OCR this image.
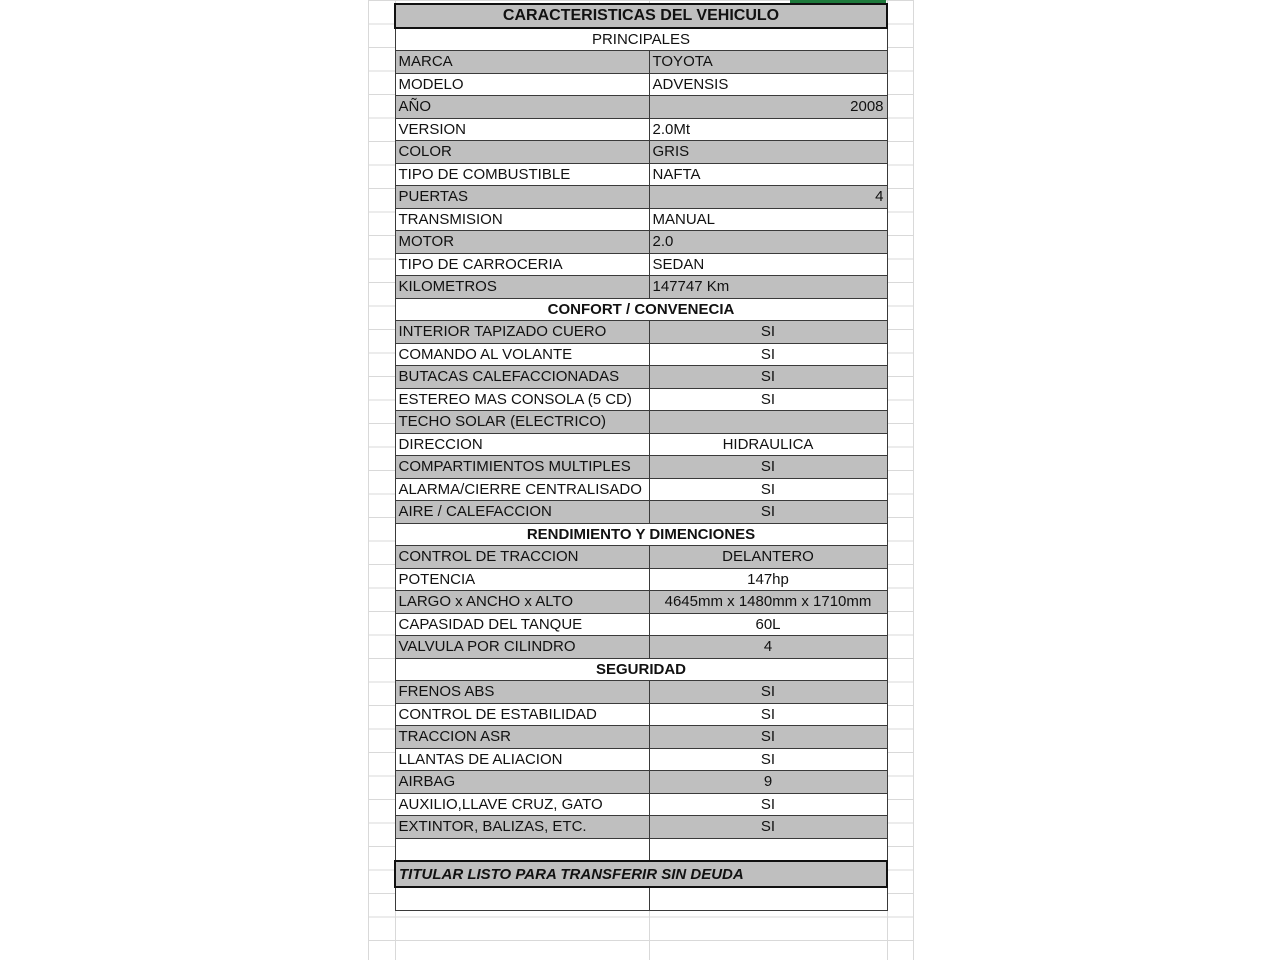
CARACTERISTICAS DEL VEHICULO	
PRINCIPALES	
MARCA	TOYOTA
MODELO	ADVENSIS
AÑO	2008
VERSION	2.0Mt
COLOR	GRIS
TIPO DE COMBUSTIBLE	NAFTA
PUERTAS	4
TRANSMISION	MANUAL
MOTOR	2.0
TIPO DE CARROCERIA	SEDAN
KILOMETROS	147747 Km
CONFORT / CONVENECIA	
INTERIOR TAPIZADO CUERO	SI
COMANDO AL VOLANTE	SI
BUTACAS CALEFACCIONADAS	SI
ESTEREO MAS CONSOLA (5 CD)	SI
TECHO SOLAR (ELECTRICO)	
DIRECCION	HIDRAULICA
COMPARTIMIENTOS MULTIPLES	SI
ALARMA/CIERRE CENTRALISADO	SI
AIRE / CALEFACCION	SI
RENDIMIENTO Y DIMENCIONES	
CONTROL DE TRACCION	DELANTERO
POTENCIA	147hp
LARGO x ANCHO x ALTO	4645mm x 1480mm x 1710mm
CAPASIDAD DEL TANQUE	60L
VALVULA POR CILINDRO	4
SEGURIDAD	
FRENOS ABS	SI
CONTROL DE ESTABILIDAD	SI
TRACCION ASR	SI
LLANTAS DE ALIACION	SI
AIRBAG	9
AUXILIO,LLAVE CRUZ, GATO	SI
EXTINTOR, BALIZAS, ETC.	SI

TITULAR LISTO PARA TRANSFERIR SIN DEUDA	
